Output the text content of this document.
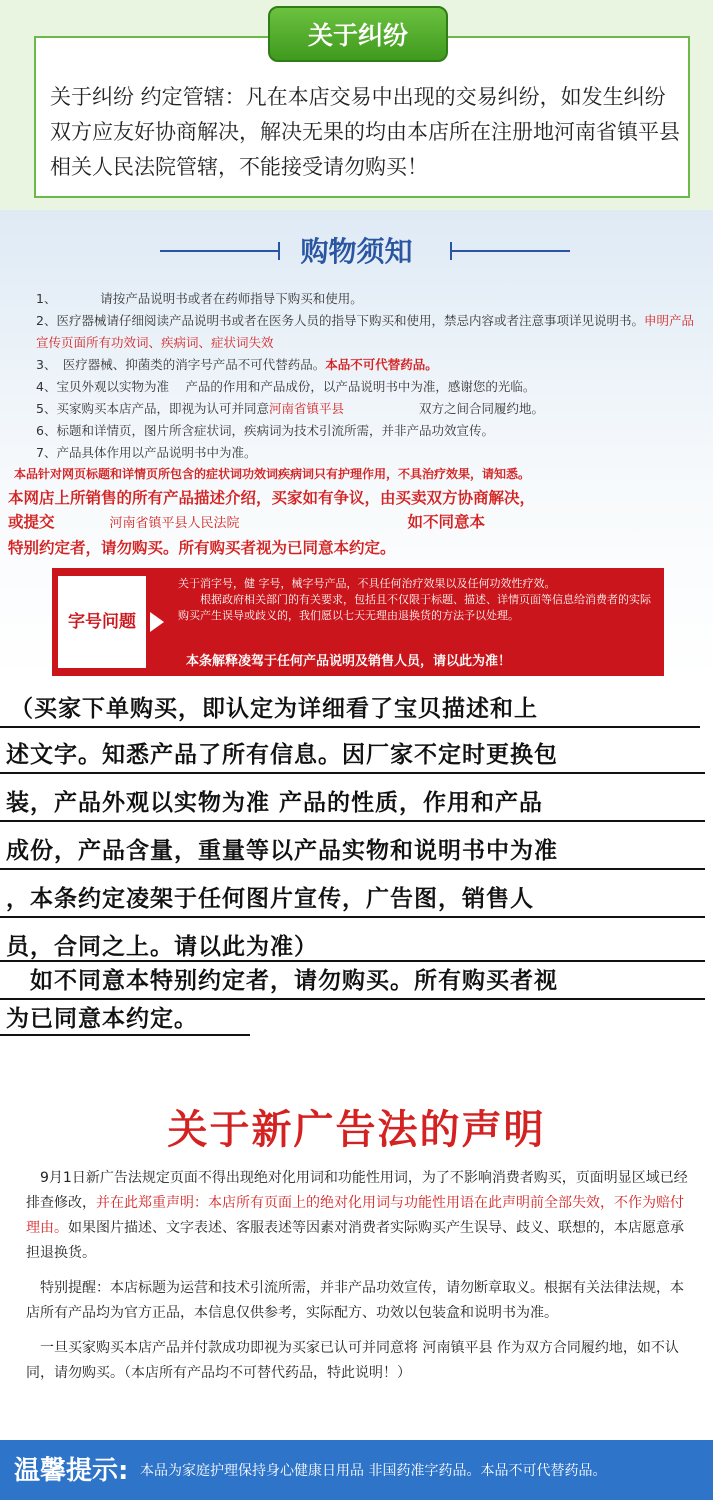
关于纠纷
关于纠纷 约定管辖：凡在本店交易中出现的交易纠纷，如发生纠纷双方应友好协商解决，解决无果的均由本店所在注册地河南省镇平县相关人民法院管辖，不能接受请勿购买！
购物须知
1、　　　　请按产品说明书或者在药师指导下购买和使用。
2、医疗器械请仔细阅读产品说明书或者在医务人员的指导下购买和使用，禁忌内容或者注意事项详见说明书。申明产品宣传页面所有功效词、疾病词、症状词失效
3、　医疗器械、抑菌类的消字号产品不可代替药品。本品不可代替药品。
4、宝贝外观以实物为准　 产品的作用和产品成份，以产品说明书中为准，感谢您的光临。
5、买家购买本店产品，即视为认可并同意河南省镇平县　　　　　　双方之间合同履约地。
6、标题和详情页，图片所含症状词，疾病词为技术引流所需，并非产品功效宣传。
7、产品具体作用以产品说明书中为准。
本品针对网页标题和详情页所包含的症状词功效词疾病词只有护理作用，不具治疗效果，请知悉。
本网店上所销售的所有产品描述介绍，买家如有争议，由买卖双方协商解决，
或提交	河南省镇平县人民法院	如不同意本
特别约定者，请勿购买。所有购买者视为已同意本约定。
字号问题
关于消字号，健 字号，械字号产品，不具任何治疗效果以及任何功效性疗效。
　　根据政府相关部门的有关要求，包括且不仅限于标题、描述、详情页面等信息给消费者的实际购买产生误导或歧义的，我们愿以七天无理由退换货的方法予以处理。
本条解释凌驾于任何产品说明及销售人员，请以此为准！
（买家下单购买，即认定为详细看了宝贝描述和上
述文字。知悉产品了所有信息。因厂家不定时更换包
装，产品外观以实物为准 产品的性质，作用和产品
成份，产品含量，重量等以产品实物和说明书中为准
，本条约定凌架于任何图片宣传，广告图，销售人
员，合同之上。请以此为准）
　如不同意本特别约定者，请勿购买。所有购买者视
为已同意本约定。
关于新广告法的声明
　9月1日新广告法规定页面不得出现绝对化用词和功能性用词，为了不影响消费者购买，页面明显区域已经排查修改，并在此郑重声明：本店所有页面上的绝对化用词与功能性用语在此声明前全部失效，不作为赔付理由。如果图片描述、文字表述、客服表述等因素对消费者实际购买产生误导、歧义、联想的，本店愿意承担退换货。
　特别提醒：本店标题为运营和技术引流所需，并非产品功效宣传，请勿断章取义。根据有关法律法规，本店所有产品均为官方正品，本信息仅供参考，实际配方、功效以包装盒和说明书为准。
　一旦买家购买本店产品并付款成功即视为买家已认可并同意将 河南镇平县 作为双方合同履约地，如不认同，请勿购买。（本店所有产品均不可替代药品，特此说明！）
温馨提示: 本品为家庭护理保持身心健康日用品 非国药准字药品。本品不可代替药品。
